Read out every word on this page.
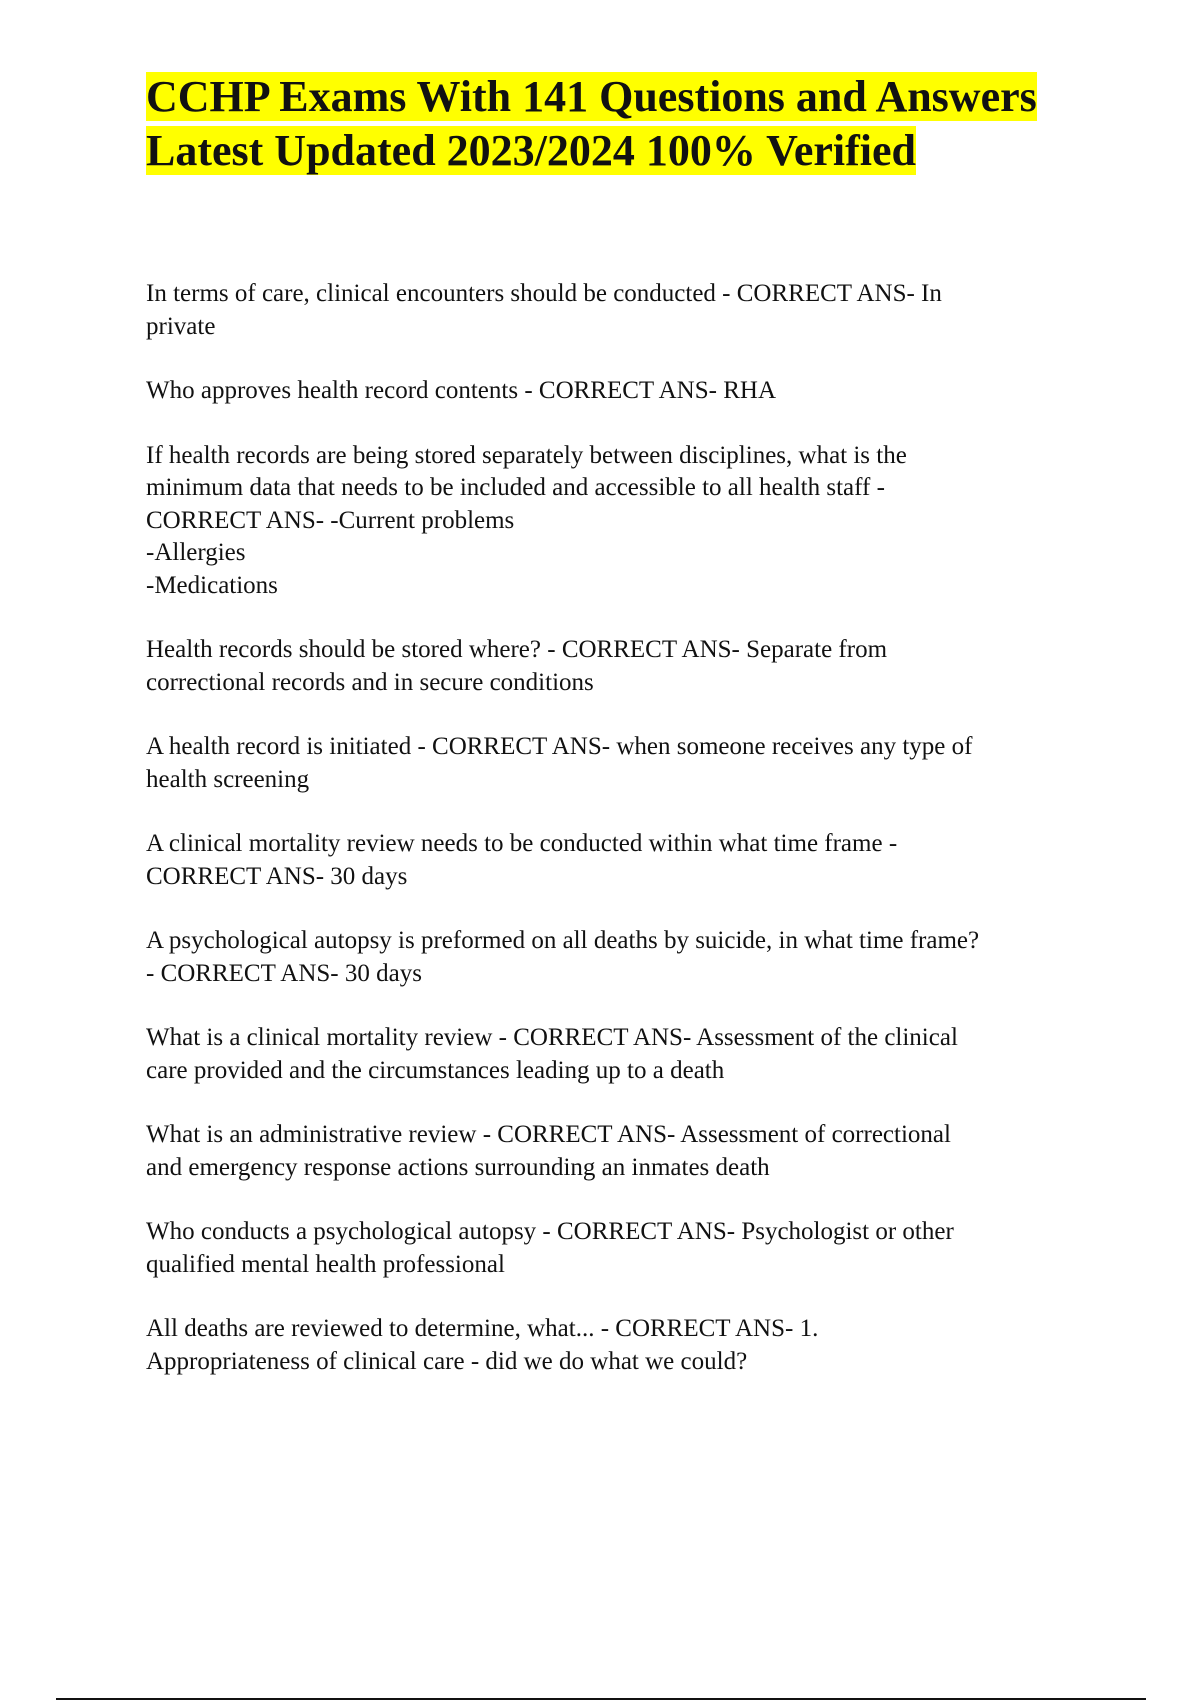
CCHP Exams With 141 Questions and Answers
Latest Updated 2023/2024 100% Verified

In terms of care, clinical encounters should be conducted - CORRECT ANS- In
private

Who approves health record contents - CORRECT ANS- RHA

If health records are being stored separately between disciplines, what is the
minimum data that needs to be included and accessible to all health staff -
CORRECT ANS- -Current problems
-Allergies
-Medications

Health records should be stored where? - CORRECT ANS- Separate from
correctional records and in secure conditions

A health record is initiated - CORRECT ANS- when someone receives any type of
health screening

A clinical mortality review needs to be conducted within what time frame -
CORRECT ANS- 30 days

A psychological autopsy is preformed on all deaths by suicide, in what time frame?
- CORRECT ANS- 30 days

What is a clinical mortality review - CORRECT ANS- Assessment of the clinical
care provided and the circumstances leading up to a death

What is an administrative review - CORRECT ANS- Assessment of correctional
and emergency response actions surrounding an inmates death

Who conducts a psychological autopsy - CORRECT ANS- Psychologist or other
qualified mental health professional

All deaths are reviewed to determine, what... - CORRECT ANS- 1.
Appropriateness of clinical care - did we do what we could?
